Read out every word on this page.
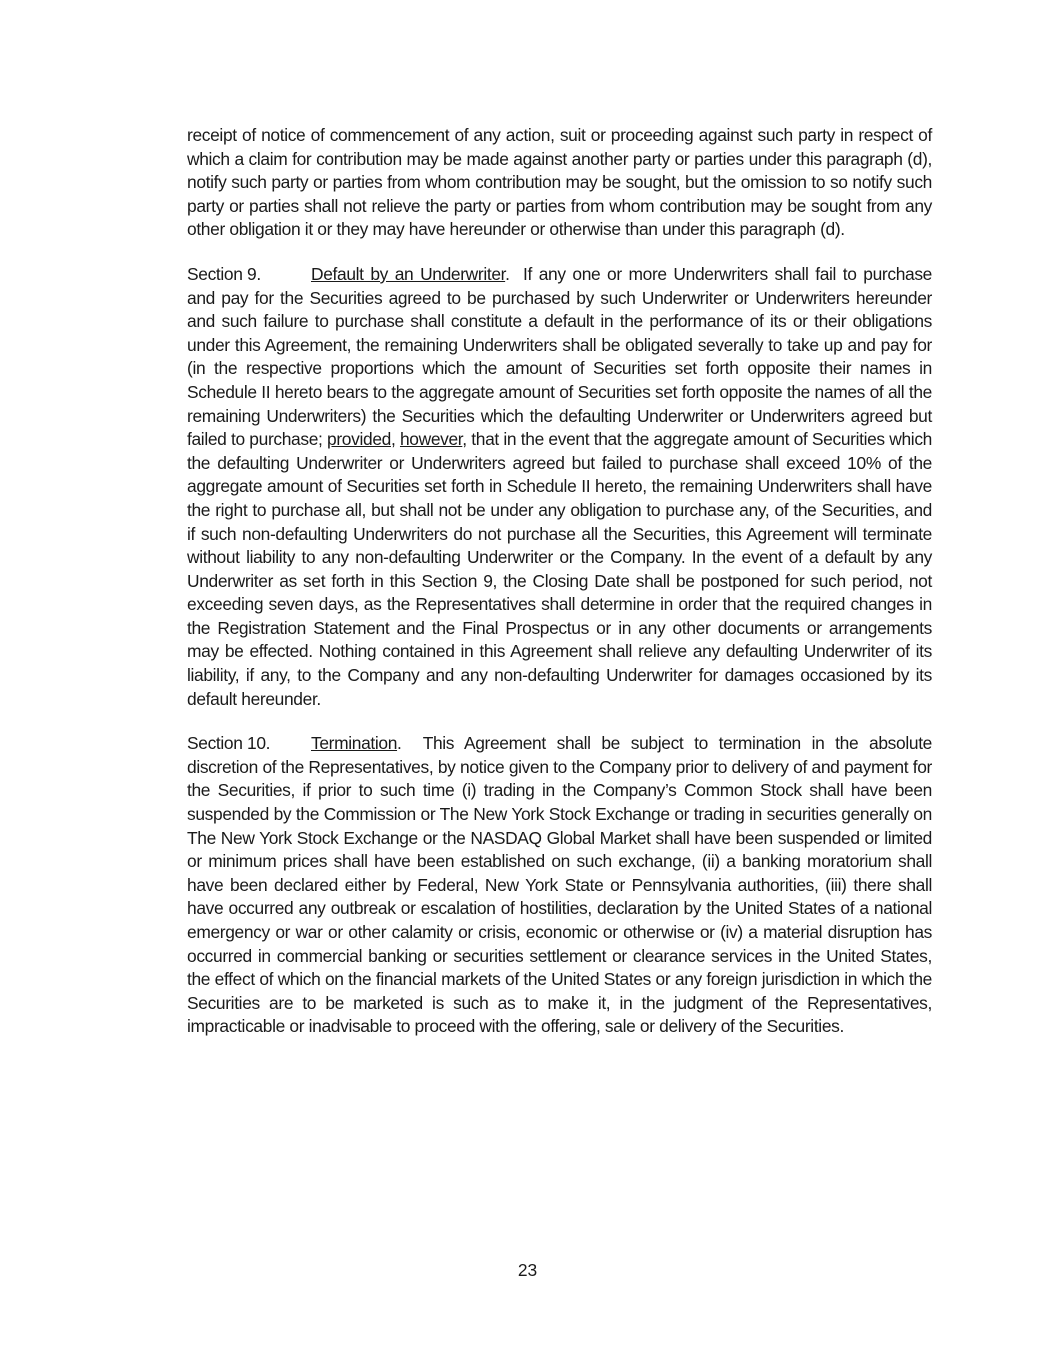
receipt of notice of commencement of any action, suit or proceeding against such party in respect of which a claim for contribution may be made against another party or parties under this paragraph (d), notify such party or parties from whom contribution may be sought, but the omission to so notify such party or parties shall not relieve the party or parties from whom contribution may be sought from any other obligation it or they may have hereunder or otherwise than under this paragraph (d).

Section 9.	Default by an Underwriter. If any one or more Underwriters shall fail to purchase and pay for the Securities agreed to be purchased by such Underwriter or Underwriters hereunder and such failure to purchase shall constitute a default in the performance of its or their obligations under this Agreement, the remaining Underwriters shall be obligated severally to take up and pay for (in the respective proportions which the amount of Securities set forth opposite their names in Schedule II hereto bears to the aggregate amount of Securities set forth opposite the names of all the remaining Underwriters) the Securities which the defaulting Underwriter or Underwriters agreed but failed to purchase; provided, however, that in the event that the aggregate amount of Securities which the defaulting Underwriter or Underwriters agreed but failed to purchase shall exceed 10% of the aggregate amount of Securities set forth in Schedule II hereto, the remaining Underwriters shall have the right to purchase all, but shall not be under any obligation to purchase any, of the Securities, and if such non-defaulting Underwriters do not purchase all the Securities, this Agreement will terminate without liability to any non-defaulting Underwriter or the Company. In the event of a default by any Underwriter as set forth in this Section 9, the Closing Date shall be postponed for such period, not exceeding seven days, as the Representatives shall determine in order that the required changes in the Registration Statement and the Final Prospectus or in any other documents or arrangements may be effected. Nothing contained in this Agreement shall relieve any defaulting Underwriter of its liability, if any, to the Company and any non-defaulting Underwriter for damages occasioned by its default hereunder.

Section 10. Termination. This Agreement shall be subject to termination in the absolute discretion of the Representatives, by notice given to the Company prior to delivery of and payment for the Securities, if prior to such time (i) trading in the Company’s Common Stock shall have been suspended by the Commission or The New York Stock Exchange or trading in securities generally on The New York Stock Exchange or the NASDAQ Global Market shall have been suspended or limited or minimum prices shall have been established on such exchange, (ii) a banking moratorium shall have been declared either by Federal, New York State or Pennsylvania authorities, (iii) there shall have occurred any outbreak or escalation of hostilities, declaration by the United States of a national emergency or war or other calamity or crisis, economic or otherwise or (iv) a material disruption has occurred in commercial banking or securities settlement or clearance services in the United States, the effect of which on the financial markets of the United States or any foreign jurisdiction in which the Securities are to be marketed is such as to make it, in the judgment of the Representatives, impracticable or inadvisable to proceed with the offering, sale or delivery of the Securities.

23
